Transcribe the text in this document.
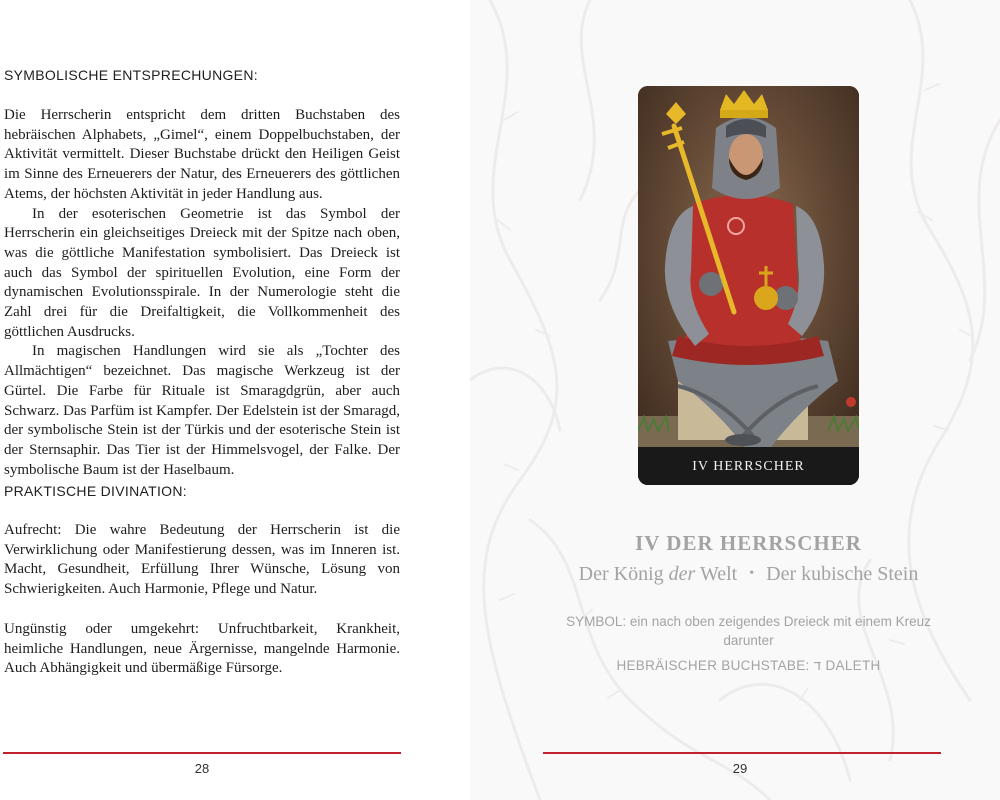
SYMBOLISCHE ENTSPRECHUNGEN:

Die Herrscherin entspricht dem dritten Buchstaben des hebräischen Alphabets, „Gimel“, einem Doppelbuchstaben, der Aktivität vermittelt. Dieser Buchstabe drückt den Heiligen Geist im Sinne des Erneuerers der Natur, des Erneuerers des göttlichen Atems, der höchsten Aktivität in jeder Handlung aus.
In der esoterischen Geometrie ist das Symbol der Herrscherin ein gleichseitiges Dreieck mit der Spitze nach oben, was die göttliche Manifestation symbolisiert. Das Dreieck ist auch das Symbol der spirituellen Evolution, eine Form der dynamischen Evolutionsspirale. In der Numerologie steht die Zahl drei für die Dreifaltigkeit, die Vollkommenheit des göttlichen Ausdrucks.
In magischen Handlungen wird sie als „Tochter des Allmächtigen“ bezeichnet. Das magische Werkzeug ist der Gürtel. Die Farbe für Rituale ist Smaragdgrün, aber auch Schwarz. Das Parfüm ist Kampfer. Der Edelstein ist der Smaragd, der symbolische Stein ist der Türkis und der esoterische Stein ist der Sternsaphir. Das Tier ist der Himmelsvogel, der Falke. Der symbolische Baum ist der Haselbaum.

PRAKTISCHE DIVINATION:

Aufrecht: Die wahre Bedeutung der Herrscherin ist die Verwirklichung oder Manifestierung dessen, was im Inneren ist. Macht, Gesundheit, Erfüllung Ihrer Wünsche, Lösung von Schwierigkeiten. Auch Harmonie, Pflege und Natur.

Ungünstig oder umgekehrt: Unfruchtbarkeit, Krankheit, heimliche Handlungen, neue Ärgernisse, mangelnde Harmonie. Auch Abhängigkeit und übermäßige Fürsorge.

28
IV HERRSCHER
IV DER HERRSCHER
Der König der Welt • Der kubische Stein
SYMBOL: ein nach oben zeigendes Dreieck mit einem Kreuz darunter
HEBRÄISCHER BUCHSTABE: ד DALETH
29
